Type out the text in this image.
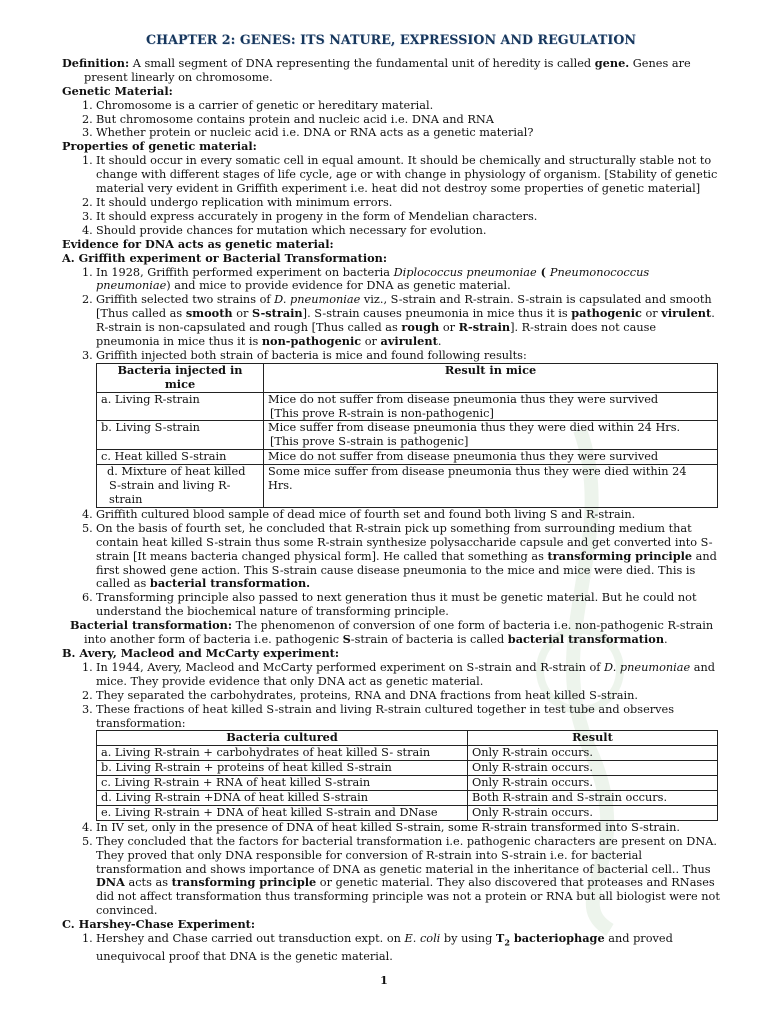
CHAPTER 2: GENES: ITS NATURE, EXPRESSION AND REGULATION

Definition: A small segment of DNA representing the fundamental unit of heredity is called gene. Genes are present linearly on chromosome.

Genetic Material:

1. Chromosome is a carrier of genetic or hereditary material.
2. But chromosome contains protein and nucleic acid i.e. DNA and RNA
3. Whether protein or nucleic acid i.e. DNA or RNA acts as a genetic material?

Properties of genetic material:

1. It should occur in every somatic cell in equal amount. It should be chemically and structurally stable not to change with different stages of life cycle, age or with change in physiology of organism. [Stability of genetic material very evident in Griffith experiment i.e. heat did not destroy some properties of genetic material]
2. It should undergo replication with minimum errors.
3. It should express accurately in progeny in the form of Mendelian characters.
4. Should provide chances for mutation which necessary for evolution.

Evidence for DNA acts as genetic material:

A. Griffith experiment or Bacterial Transformation:

1. In 1928, Griffith performed experiment on bacteria Diplococcus pneumoniae ( Pneumonococcus pneumoniae) and mice to provide evidence for DNA as genetic material.
2. Griffith selected two strains of D. pneumoniae viz., S-strain and R-strain. S-strain is capsulated and smooth [Thus called as smooth or S-strain]. S-strain causes pneumonia in mice thus it is pathogenic or virulent. R-strain is non-capsulated and rough [Thus called as rough or R-strain]. R-strain does not cause pneumonia in mice thus it is non-pathogenic or avirulent.
3. Griffith injected both strain of bacteria is mice and found following results:
Bacteria injected in mice	Result in mice
a. Living R-strain	Mice do not suffer from disease pneumonia thus they were survived
[This prove R-strain is non-pathogenic]

b. Living S-strain	Mice suffer from disease pneumonia thus they were died within 24 Hrs.
[This prove S-strain is pathogenic]

c. Heat killed S-strain	Mice do not suffer from disease pneumonia thus they were survived
d. Mixture of heat killed S-strain and living R-strain	Some mice suffer from disease pneumonia thus they were died within 24 Hrs.
4. Griffith cultured blood sample of dead mice of fourth set and found both living S and R-strain.
5. On the basis of fourth set, he concluded that R-strain pick up something from surrounding medium that contain heat killed S-strain thus some R-strain synthesize polysaccharide capsule and get converted into S-strain [It means bacteria changed physical form]. He called that something as transforming principle and first showed gene action. This S-strain cause disease pneumonia to the mice and mice were died. This is called as bacterial transformation.
6. Transforming principle also passed to next generation thus it must be genetic material. But he could not understand the biochemical nature of transforming principle.

Bacterial transformation: The phenomenon of conversion of one form of bacteria i.e. non-pathogenic R-strain into another form of bacteria i.e. pathogenic S-strain of bacteria is called bacterial transformation.

B. Avery, Macleod and McCarty experiment:

1. In 1944, Avery, Macleod and McCarty performed experiment on S-strain and R-strain of D. pneumoniae and mice. They provide evidence that only DNA act as genetic material.
2. They separated the carbohydrates, proteins, RNA and DNA fractions from heat killed S-strain.
3. These fractions of heat killed S-strain and living R-strain cultured together in test tube and observes transformation:
Bacteria cultured	Result
a. Living R-strain + carbohydrates of heat killed S- strain	Only R-strain occurs.
b. Living R-strain + proteins of heat killed S-strain	Only R-strain occurs.
c. Living R-strain + RNA of heat killed S-strain	Only R-strain occurs.
d. Living R-strain +DNA of heat killed S-strain	Both R-strain and S-strain occurs.
e. Living R-strain + DNA of heat killed S-strain and DNase	Only R-strain occurs.
4. In IV set, only in the presence of DNA of heat killed S-strain, some R-strain transformed into S-strain.
5. They concluded that the factors for bacterial transformation i.e. pathogenic characters are present on DNA. They proved that only DNA responsible for conversion of R-strain into S-strain i.e. for bacterial transformation and shows importance of DNA as genetic material in the inheritance of bacterial cell.. Thus DNA acts as transforming principle or genetic material. They also discovered that proteases and RNases did not affect transformation thus transforming principle was not a protein or RNA but all biologist were not convinced.

C. Harshey-Chase Experiment:

1. Hershey and Chase carried out transduction expt. on E. coli by using $T_2$ bacteriophage and proved unequivocal proof that DNA is the genetic material.
1
